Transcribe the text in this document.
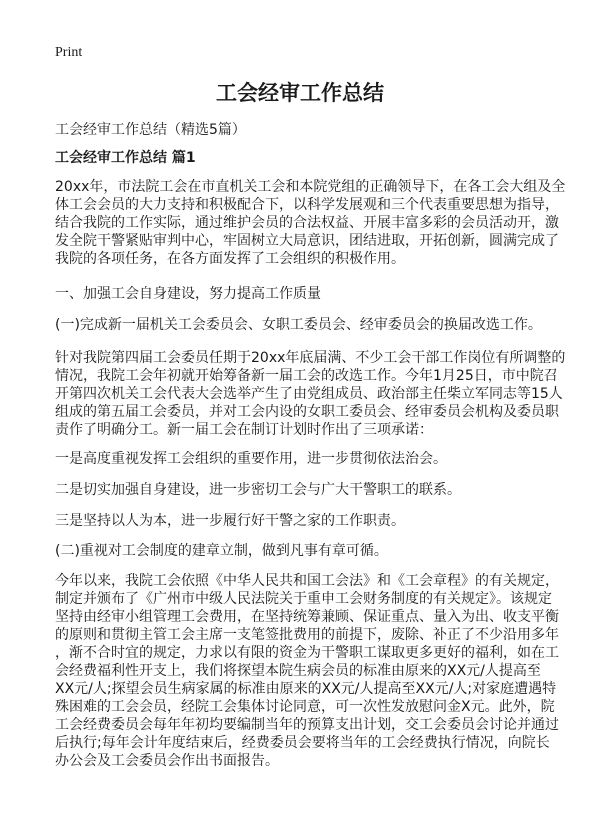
Print
工会经审工作总结
工会经审工作总结（精选5篇）
工会经审工作总结 篇1
20xx年，市法院工会在市直机关工会和本院党组的正确领导下，在各工会大组及全
体工会会员的大力支持和积极配合下，以科学发展观和三个代表重要思想为指导，
结合我院的工作实际，通过维护会员的合法权益、开展丰富多彩的会员活动开，激
发全院干警紧贴审判中心，牢固树立大局意识，团结进取，开拓创新，圆满完成了
我院的各项任务，在各方面发挥了工会组织的积极作用。
一、加强工会自身建设，努力提高工作质量
(一)完成新一届机关工会委员会、女职工委员会、经审委员会的换届改选工作。
针对我院第四届工会委员任期于20xx年底届满、不少工会干部工作岗位有所调整的
情况，我院工会年初就开始筹备新一届工会的改选工作。今年1月25日，市中院召
开第四次机关工会代表大会选举产生了由党组成员、政治部主任柴立军同志等15人
组成的第五届工会委员，并对工会内设的女职工委员会、经审委员会机构及委员职
责作了明确分工。新一届工会在制订计划时作出了三项承诺：
一是高度重视发挥工会组织的重要作用，进一步贯彻依法治会。
二是切实加强自身建设，进一步密切工会与广大干警职工的联系。
三是坚持以人为本，进一步履行好干警之家的工作职责。
(二)重视对工会制度的建章立制，做到凡事有章可循。
今年以来，我院工会依照《中华人民共和国工会法》和《工会章程》的有关规定，
制定并颁布了《广州市中级人民法院关于重申工会财务制度的有关规定》。该规定
坚持由经审小组管理工会费用，在坚持统筹兼顾、保证重点、量入为出、收支平衡
的原则和贯彻主管工会主席一支笔签批费用的前提下，废除、补正了不少沿用多年
，渐不合时宜的规定，力求以有限的资金为干警职工谋取更多更好的福利，如在工
会经费福利性开支上，我们将探望本院生病会员的标准由原来的XX元/人提高至
XX元/人;探望会员生病家属的标准由原来的XX元/人提高至XX元/人;对家庭遭遇特
殊困难的工会会员，经院工会集体讨论同意，可一次性发放慰问金X元。此外，院
工会经费委员会每年年初均要编制当年的预算支出计划，交工会委员会讨论并通过
后执行;每年会计年度结束后，经费委员会要将当年的工会经费执行情况，向院长
办公会及工会委员会作出书面报告。
